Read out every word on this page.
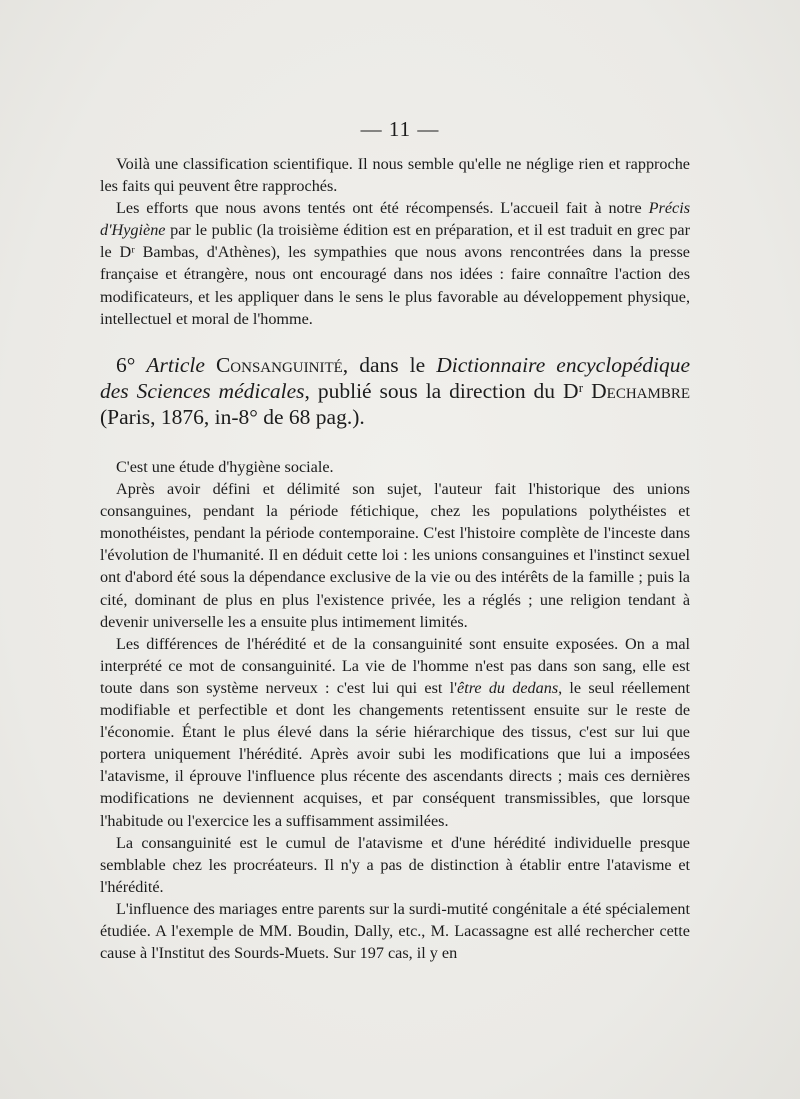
— 11 —

Voilà une classification scientifique. Il nous semble qu'elle ne néglige rien et rapproche les faits qui peuvent être rapprochés.

Les efforts que nous avons tentés ont été récompensés. L'accueil fait à notre Précis d'Hygiène par le public (la troisième édition est en préparation, et il est traduit en grec par le Dʳ Bambas, d'Athènes), les sympathies que nous avons rencontrées dans la presse française et étrangère, nous ont encouragé dans nos idées : faire connaître l'action des modificateurs, et les appliquer dans le sens le plus favorable au développement physique, intellectuel et moral de l'homme.

6° Article Consanguinité, dans le Dictionnaire encyclopédique des Sciences médicales, publié sous la direction du Dʳ Dechambre (Paris, 1876, in-8° de 68 pag.).

C'est une étude d'hygiène sociale.

Après avoir défini et délimité son sujet, l'auteur fait l'historique des unions consanguines, pendant la période fétichique, chez les populations polythéistes et monothéistes, pendant la période contemporaine. C'est l'histoire complète de l'inceste dans l'évolution de l'humanité. Il en déduit cette loi : les unions consanguines et l'instinct sexuel ont d'abord été sous la dépendance exclusive de la vie ou des intérêts de la famille ; puis la cité, dominant de plus en plus l'existence privée, les a réglés ; une religion tendant à devenir universelle les a ensuite plus intimement limités.

Les différences de l'hérédité et de la consanguinité sont ensuite exposées. On a mal interprété ce mot de consanguinité. La vie de l'homme n'est pas dans son sang, elle est toute dans son système nerveux : c'est lui qui est l'être du dedans, le seul réellement modifiable et perfectible et dont les changements retentissent ensuite sur le reste de l'économie. Étant le plus élevé dans la série hiérarchique des tissus, c'est sur lui que portera uniquement l'hérédité. Après avoir subi les modifications que lui a imposées l'atavisme, il éprouve l'influence plus récente des ascendants directs ; mais ces dernières modifications ne deviennent acquises, et par conséquent transmissibles, que lorsque l'habitude ou l'exercice les a suffisamment assimilées.

La consanguinité est le cumul de l'atavisme et d'une hérédité individuelle presque semblable chez les procréateurs. Il n'y a pas de distinction à établir entre l'atavisme et l'hérédité.

L'influence des mariages entre parents sur la surdi-mutité congénitale a été spécialement étudiée. A l'exemple de MM. Boudin, Dally, etc., M. Lacassagne est allé rechercher cette cause à l'Institut des Sourds-Muets. Sur 197 cas, il y en
